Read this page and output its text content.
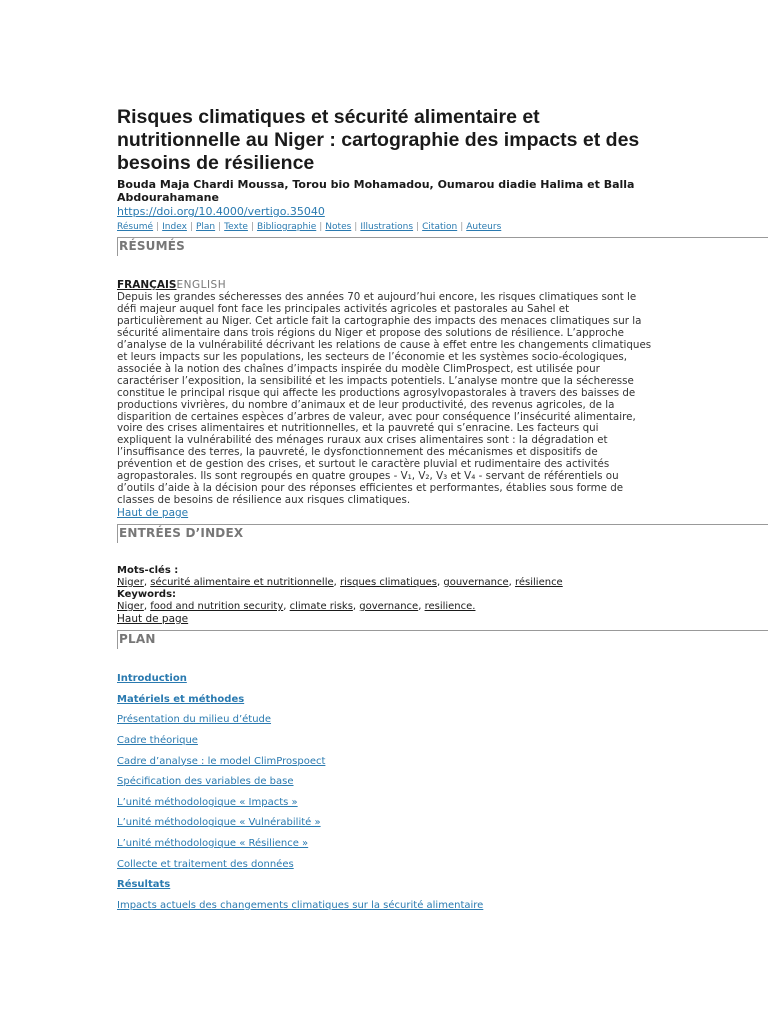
Risques climatiques et sécurité alimentaire et nutritionnelle au Niger : cartographie des impacts et des besoins de résilience
Bouda Maja Chardi Moussa, Torou bio Mohamadou, Oumarou diadie Halima et Balla Abdourahamane
https://doi.org/10.4000/vertigo.35040
Résumé | Index | Plan | Texte | Bibliographie | Notes | Illustrations | Citation | Auteurs
RÉSUMÉS
FRANÇAISENGLISH

Depuis les grandes sécheresses des années 70 et aujourd’hui encore, les risques climatiques sont le défi majeur auquel font face les principales activités agricoles et pastorales au Sahel et particulièrement au Niger. Cet article fait la cartographie des impacts des menaces climatiques sur la sécurité alimentaire dans trois régions du Niger et propose des solutions de résilience. L’approche d’analyse de la vulnérabilité décrivant les relations de cause à effet entre les changements climatiques et leurs impacts sur les populations, les secteurs de l’économie et les systèmes socio-écologiques, associée à la notion des chaînes d’impacts inspirée du modèle ClimProspect, est utilisée pour caractériser l’exposition, la sensibilité et les impacts potentiels. L’analyse montre que la sécheresse constitue le principal risque qui affecte les productions agrosylvopastorales à travers des baisses de productions vivrières, du nombre d’animaux et de leur productivité, des revenus agricoles, de la disparition de certaines espèces d’arbres de valeur, avec pour conséquence l’insécurité alimentaire, voire des crises alimentaires et nutritionnelles, et la pauvreté qui s’enracine. Les facteurs qui expliquent la vulnérabilité des ménages ruraux aux crises alimentaires sont : la dégradation et l’insuffisance des terres, la pauvreté, le dysfonctionnement des mécanismes et dispositifs de prévention et de gestion des crises, et surtout le caractère pluvial et rudimentaire des activités agropastorales. Ils sont regroupés en quatre groupes - V₁, V₂, V₃ et V₄ - servant de référentiels ou d’outils d’aide à la décision pour des réponses efficientes et performantes, établies sous forme de classes de besoins de résilience aux risques climatiques.

Haut de page
ENTRÉES D’INDEX
Mots-clés :
Niger, sécurité alimentaire et nutritionnelle, risques climatiques, gouvernance, résilience
Keywords:
Niger, food and nutrition security, climate risks, governance, resilience.
Haut de page
PLAN
Introduction
Matériels et méthodes
Présentation du milieu d’étude
Cadre théorique
Cadre d’analyse : le model ClimProspoect
Spécification des variables de base
L’unité méthodologique « Impacts »
L’unité méthodologique « Vulnérabilité »
L’unité méthodologique « Résilience »
Collecte et traitement des données
Résultats
Impacts actuels des changements climatiques sur la sécurité alimentaire
